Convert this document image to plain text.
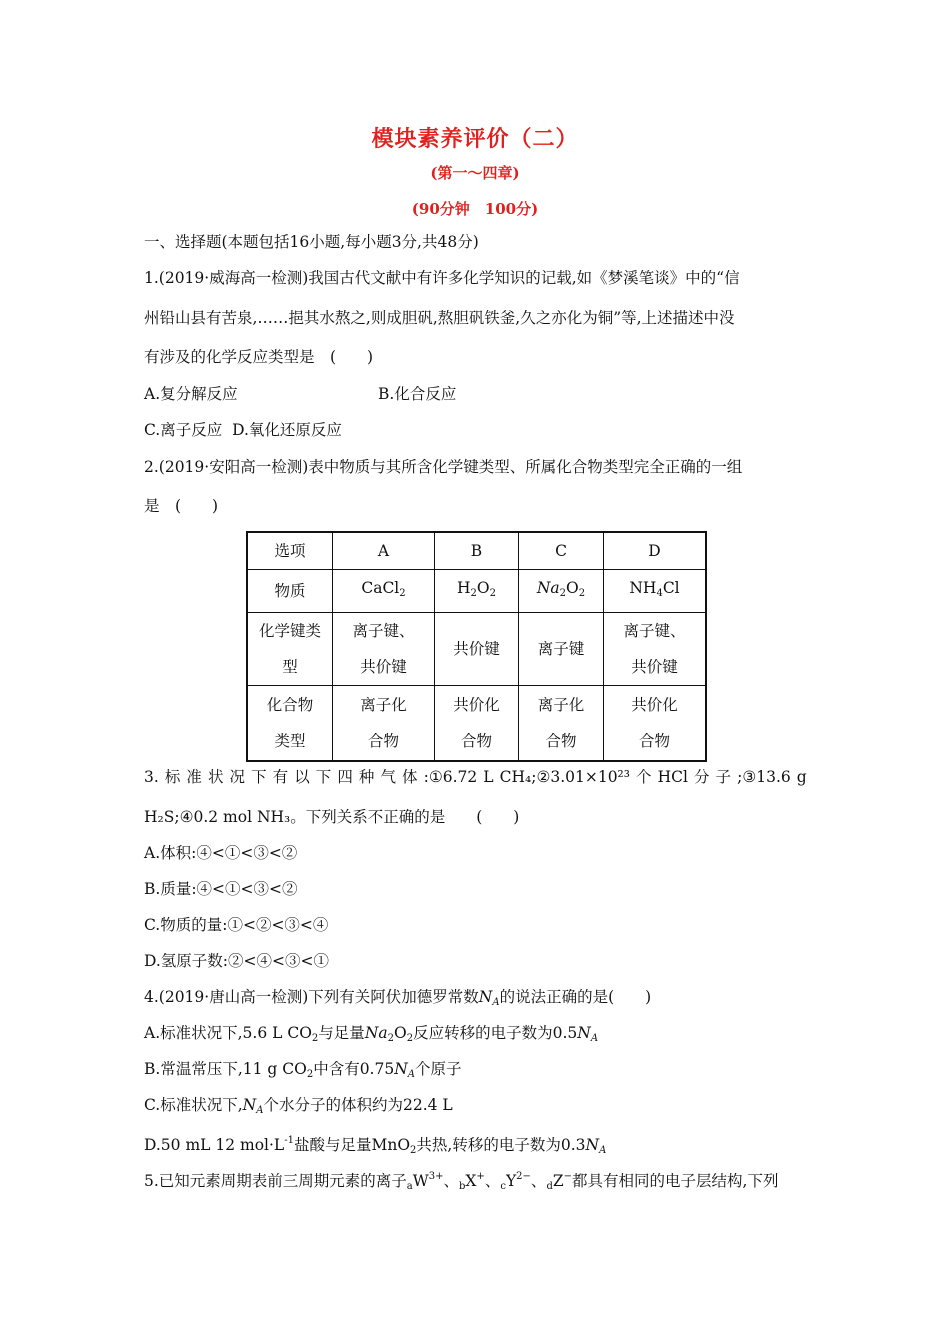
模块素养评价（二）
(第一～四章)
(90分钟　100分)
一、选择题(本题包括16小题,每小题3分,共48分)
1.(2019·威海高一检测)我国古代文献中有许多化学知识的记载,如《梦溪笔谈》中的“信
州铅山县有苦泉,……挹其水熬之,则成胆矾,熬胆矾铁釜,久之亦化为铜”等,上述描述中没
有涉及的化学反应类型是　(　　)
A.复分解反应	B.化合反应
C.离子反应 D.氧化还原反应
2.(2019·安阳高一检测)表中物质与其所含化学键类型、所属化合物类型完全正确的一组
是　(　　)
选项	A	B	C	D
物质	CaCl$_2$	$H_2O_2$	$Na_2O_2$	$NH_4Cl$

化学键类型	离子键、共价键	共价键	离子键	离子键、共价键

化合物类型	离子化合物	共价化合物	离子化合物	共价化合物
3. 标 准 状 况 下 有 以 下 四 种 气 体 :①6.72 L CH₄;②3.01×10²³ 个 HCl 分 子 ;③13.6 g
H₂S;④0.2 mol NH₃。下列关系不正确的是　　(　　)
A.体积:④<①<③<②
B.质量:④<①<③<②
C.物质的量:①<②<③<④
D.氢原子数:②<④<③<①
4.(2019·唐山高一检测)下列有关阿伏加德罗常数$N_A$的说法正确的是(　　)
A.标准状况下,5.6 L $CO_2$与足量$Na_2O_2$反应转移的电子数为$0.5N_A$
B.常温常压下,11 g $CO_2$中含有$0.75N_A$个原子
C.标准状况下$,N_A$个水分子的体积约为22.4 L
D.50 mL 12 $mol\cdot L^{-1}$盐酸与足量MnO$_2$共热,转移的电子数为$0.3N_A$
5.已知元素周期表前三周期元素的离子$_aW^{3+}$、$_b$X+、$_cY^{2-}$、$_d$Z−都具有相同的电子层结构,下列
